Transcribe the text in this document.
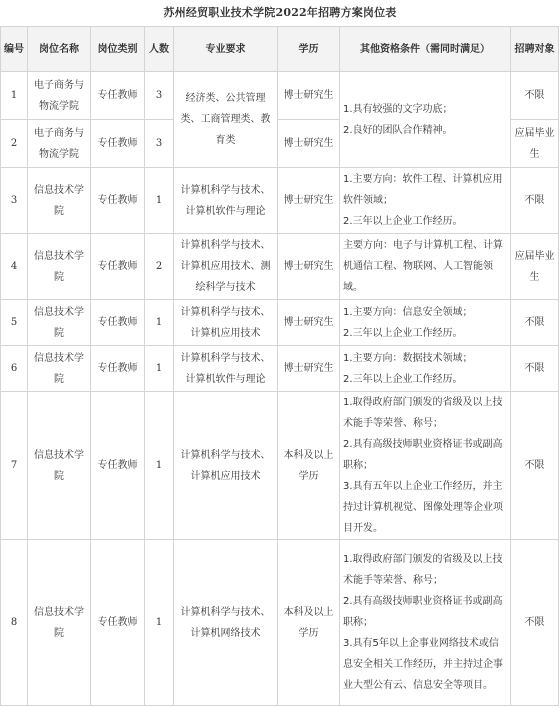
苏州经贸职业技术学院2022年招聘方案岗位表
编号	岗位名称	岗位类别	人数	专业要求	学历	其他资格条件（需同时满足）	招聘对象
1	电子商务与物流学院	专任教师	3	经济类、公共管理类、工商管理类、教育类	博士研究生	1.具有较强的文字功底；
2.良好的团队合作精神。	不限
2	电子商务与物流学院	专任教师	3		博士研究生		应届毕业生
3	信息技术学院	专任教师	1	计算机科学与技术、计算机软件与理论	博士研究生	1.主要方向：软件工程、计算机应用软件领域；
2.三年以上企业工作经历。	不限
4	信息技术学院	专任教师	2	计算机科学与技术、计算机应用技术、测绘科学与技术	博士研究生	主要方向：电子与计算机工程、计算机通信工程、物联网、人工智能领域。	应届毕业生
5	信息技术学院	专任教师	1	计算机科学与技术、计算机应用技术	博士研究生	1.主要方向：信息安全领域；
2.三年以上企业工作经历。	不限
6	信息技术学院	专任教师	1	计算机科学与技术、计算机软件与理论	博士研究生	1.主要方向：数据技术领域；
2.三年以上企业工作经历。	不限
7	信息技术学院	专任教师	1	计算机科学与技术、计算机应用技术	本科及以上学历	1.取得政府部门颁发的省级及以上技术能手等荣誉、称号；
2.具有高级技师职业资格证书或副高职称；
3.具有五年以上企业工作经历，并主持过计算机视觉、图像处理等企业项目开发。	不限
8	信息技术学院	专任教师	1	计算机科学与技术、计算机网络技术	本科及以上学历	1.取得政府部门颁发的省级及以上技术能手等荣誉、称号；
2.具有高级技师职业资格证书或副高职称；
3.具有5年以上企事业网络技术或信息安全相关工作经历，并主持过企事业大型公有云、信息安全等项目。	不限
